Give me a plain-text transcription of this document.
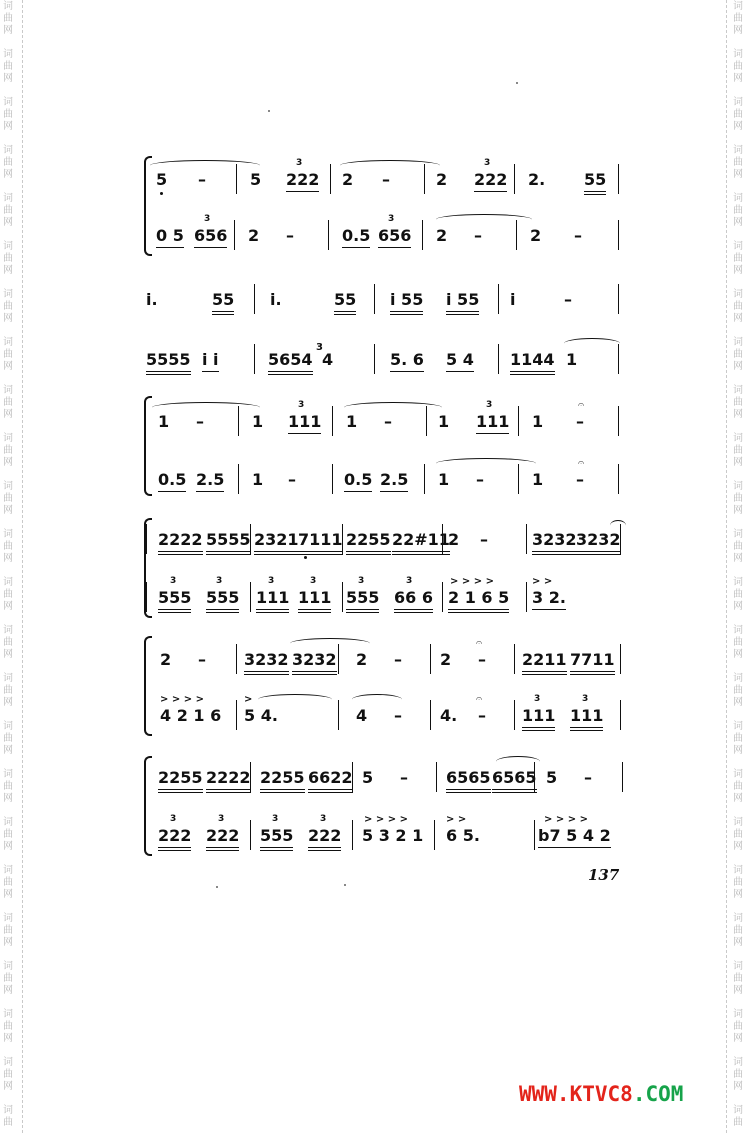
词
曲
网
词
曲
网
词
曲
网
词
曲
网
词
曲
网
词
曲
网
词
曲
网
词
曲
网
词
曲
网
词
曲
网
词
曲
网
词
曲
网
词
曲
网
词
曲
网
词
曲
网
词
曲
网
词
曲
网
词
曲
网
词
曲
网
词
曲
网
词
曲
网
词
曲
网
词
曲
网
词
曲
词
曲
网
词
曲
网
词
曲
网
词
曲
网
词
曲
网
词
曲
网
词
曲
网
词
曲
网
词
曲
网
词
曲
网
词
曲
网
词
曲
网
词
曲
网
词
曲
网
词
曲
网
词
曲
网
词
曲
网
词
曲
网
词
曲
网
词
曲
网
词
曲
网
词
曲
网
词
曲
网
词
曲
5 –	5 222 2 –	2 222 2. 55
3	3
0 5 656 2 –	0.5 656 2 –	2 –
3	3
i.	55 i.	55 i 55 i 55 i	–
5555 i i	5654
3
4	5. 6 5 4 1144 1
1 –	1 111 1 –	1 111 1 –
3	3	𝄐
0.5 2.5 1 –	0.5 2.5 1 –	1 –
𝄐
2222 5555 2321 7111 2255 22#11
2 –	3232 3232
555 555 111 111 555 66 6 2 1 6 5 3 2.
3	3	3	3	3	3	> > > >	> >
2 – 3232 3232 2 – 2 – 2211 7711
𝄐
4 2 1 6 5 4.	4 – 4. – 111 111
> > > >	>	𝄐	3	3
2255 2222 2255 6622 5 – 6565 6565 5 –
222 222 555 222 5 3 2 1 6 5.	b7 5 4 2
> > > >	> >	> > > >
3	3	3	3
137
WWW.KTVC8.COM
